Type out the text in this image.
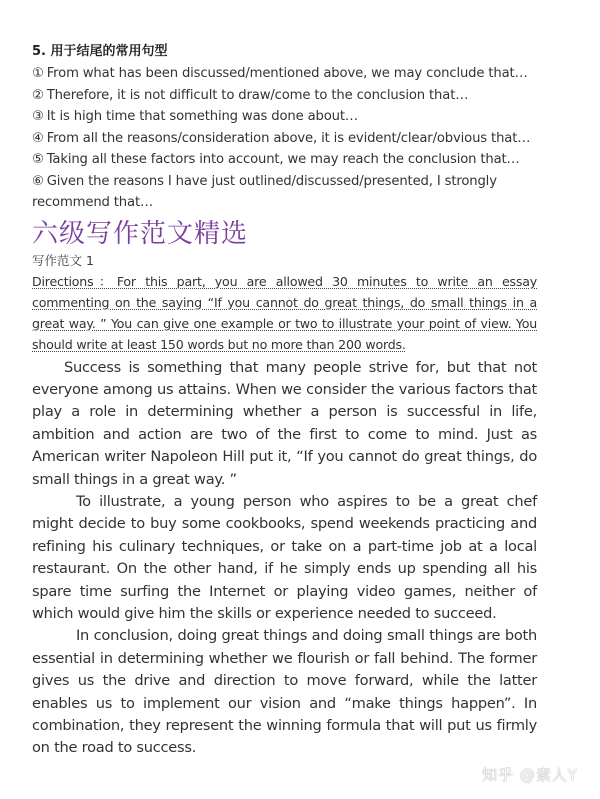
5. 用于结尾的常用句型
① From what has been discussed/mentioned above, we may conclude that…
② Therefore, it is not difficult to draw/come to the conclusion that…
③ It is high time that something was done about…
④ From all the reasons/consideration above, it is evident/clear/obvious that…
⑤ Taking all these factors into account, we may reach the conclusion that…
⑥ Given the reasons I have just outlined/discussed/presented, I strongly recommend that…
六级写作范文精选
写作范文 1
Directions：For this part, you are allowed 30 minutes to write an essay commenting on the saying “If you cannot do great things, do small things in a great way. ” You can give one example or two to illustrate your point of view. You should write at least 150 words but no more than 200 words.

Success is something that many people strive for, but that not everyone among us attains. When we consider the various factors that play a role in determining whether a person is successful in life, ambition and action are two of the first to come to mind. Just as American writer Napoleon Hill put it, “If you cannot do great things, do small things in a great way. ”

To illustrate, a young person who aspires to be a great chef might decide to buy some cookbooks, spend weekends practicing and refining his culinary techniques, or take on a part-time job at a local restaurant. On the other hand, if he simply ends up spending all his spare time surfing the Internet or playing video games, neither of which would give him the skills or experience needed to succeed.

In conclusion, doing great things and doing small things are both essential in determining whether we flourish or fall behind. The former gives us the drive and direction to move forward, while the latter enables us to implement our vision and “make things happen”. In combination, they represent the winning formula that will put us firmly on the road to success.

知乎 @素人Y
